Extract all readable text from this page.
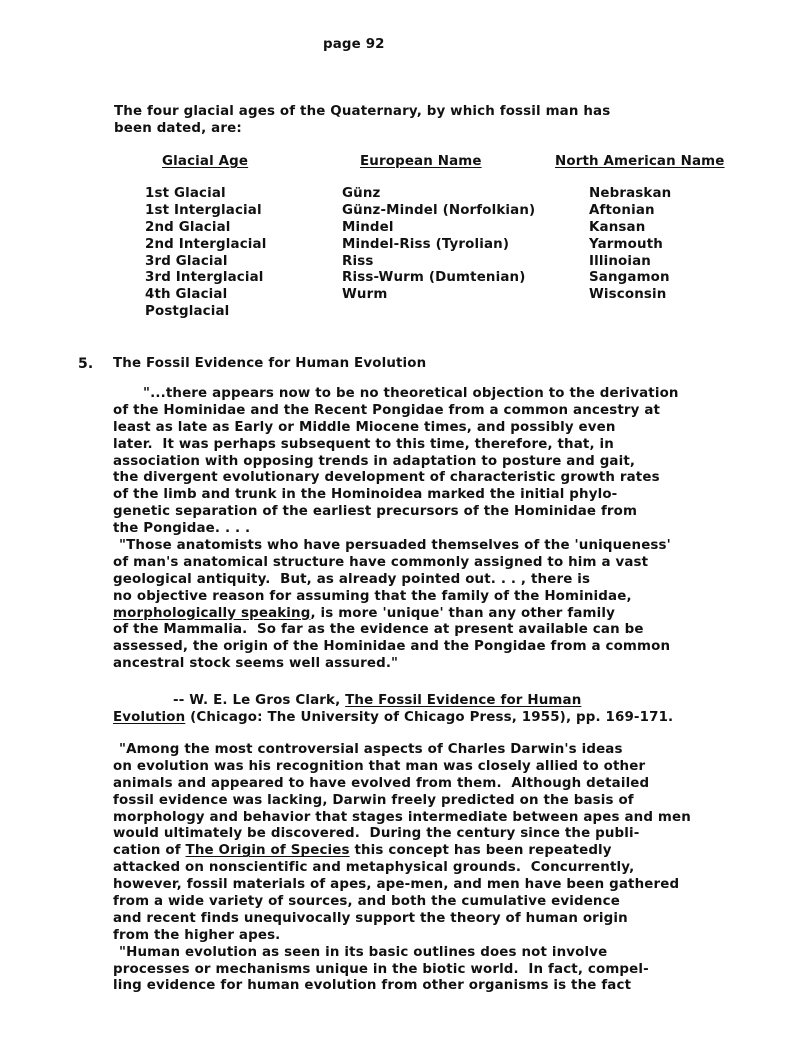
page 92
The four glacial ages of the Quaternary, by which fossil man has
been dated, are:
Glacial Age	European Name	North American Name
1st Glacial
1st Interglacial
2nd Glacial
2nd Interglacial
3rd Glacial
3rd Interglacial
4th Glacial
Postglacial
Günz
Günz-Mindel (Norfolkian)
Mindel
Mindel-Riss (Tyrolian)
Riss
Riss-Wurm (Dumtenian)
Wurm
Nebraskan
Aftonian
Kansan
Yarmouth
Illinoian
Sangamon
Wisconsin
5. The Fossil Evidence for Human Evolution
"...there appears now to be no theoretical objection to the derivation
of the Hominidae and the Recent Pongidae from a common ancestry at
least as late as Early or Middle Miocene times, and possibly even
later.  It was perhaps subsequent to this time, therefore, that, in
association with opposing trends in adaptation to posture and gait,
the divergent evolutionary development of characteristic growth rates
of the limb and trunk in the Hominoidea marked the initial phylo-
genetic separation of the earliest precursors of the Hominidae from
the Pongidae. . . .
"Those anatomists who have persuaded themselves of the 'uniqueness'
of man's anatomical structure have commonly assigned to him a vast
geological antiquity.  But, as already pointed out. . . , there is
no objective reason for assuming that the family of the Hominidae,
morphologically speaking, is more 'unique' than any other family
of the Mammalia.  So far as the evidence at present available can be
assessed, the origin of the Hominidae and the Pongidae from a common
ancestral stock seems well assured."
-- W. E. Le Gros Clark, The Fossil Evidence for Human
Evolution (Chicago: The University of Chicago Press, 1955), pp. 169-171.
"Among the most controversial aspects of Charles Darwin's ideas
on evolution was his recognition that man was closely allied to other
animals and appeared to have evolved from them.  Although detailed
fossil evidence was lacking, Darwin freely predicted on the basis of
morphology and behavior that stages intermediate between apes and men
would ultimately be discovered.  During the century since the publi-
cation of The Origin of Species this concept has been repeatedly
attacked on nonscientific and metaphysical grounds.  Concurrently,
however, fossil materials of apes, ape-men, and men have been gathered
from a wide variety of sources, and both the cumulative evidence
and recent finds unequivocally support the theory of human origin
from the higher apes.
"Human evolution as seen in its basic outlines does not involve
processes or mechanisms unique in the biotic world.  In fact, compel-
ling evidence for human evolution from other organisms is the fact
